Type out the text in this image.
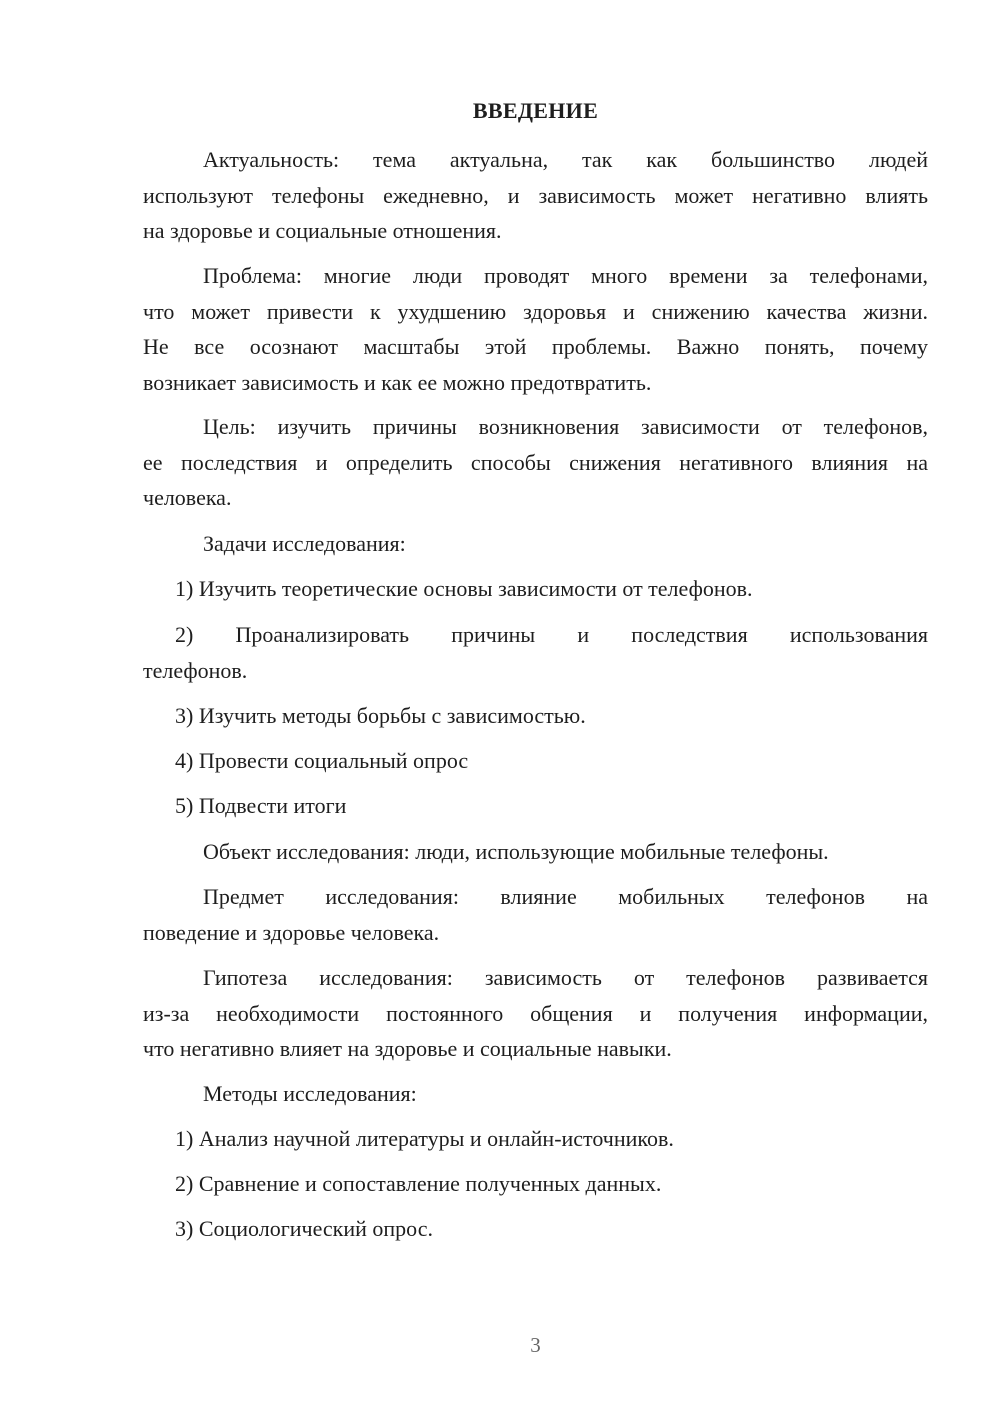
ВВЕДЕНИЕ
Актуальность: тема актуальна, так как большинство людей
используют телефоны ежедневно, и зависимость может негативно влиять
на здоровье и социальные отношения.
Проблема: многие люди проводят много времени за телефонами,
что может привести к ухудшению здоровья и снижению качества жизни.
Не все осознают масштабы этой проблемы. Важно понять, почему
возникает зависимость и как ее можно предотвратить.
Цель: изучить причины возникновения зависимости от телефонов,
ее последствия и определить способы снижения негативного влияния на
человека.
Задачи исследования:
1) Изучить теоретические основы зависимости от телефонов.
2) Проанализировать причины и последствия использования
телефонов.
3) Изучить методы борьбы с зависимостью.
4) Провести социальный опрос
5) Подвести итоги
Объект исследования: люди, использующие мобильные телефоны.
Предмет исследования: влияние мобильных телефонов на
поведение и здоровье человека.
Гипотеза исследования: зависимость от телефонов развивается
из-за необходимости постоянного общения и получения информации,
что негативно влияет на здоровье и социальные навыки.
Методы исследования:
1) Анализ научной литературы и онлайн-источников.
2) Сравнение и сопоставление полученных данных.
3) Социологический опрос.
3
